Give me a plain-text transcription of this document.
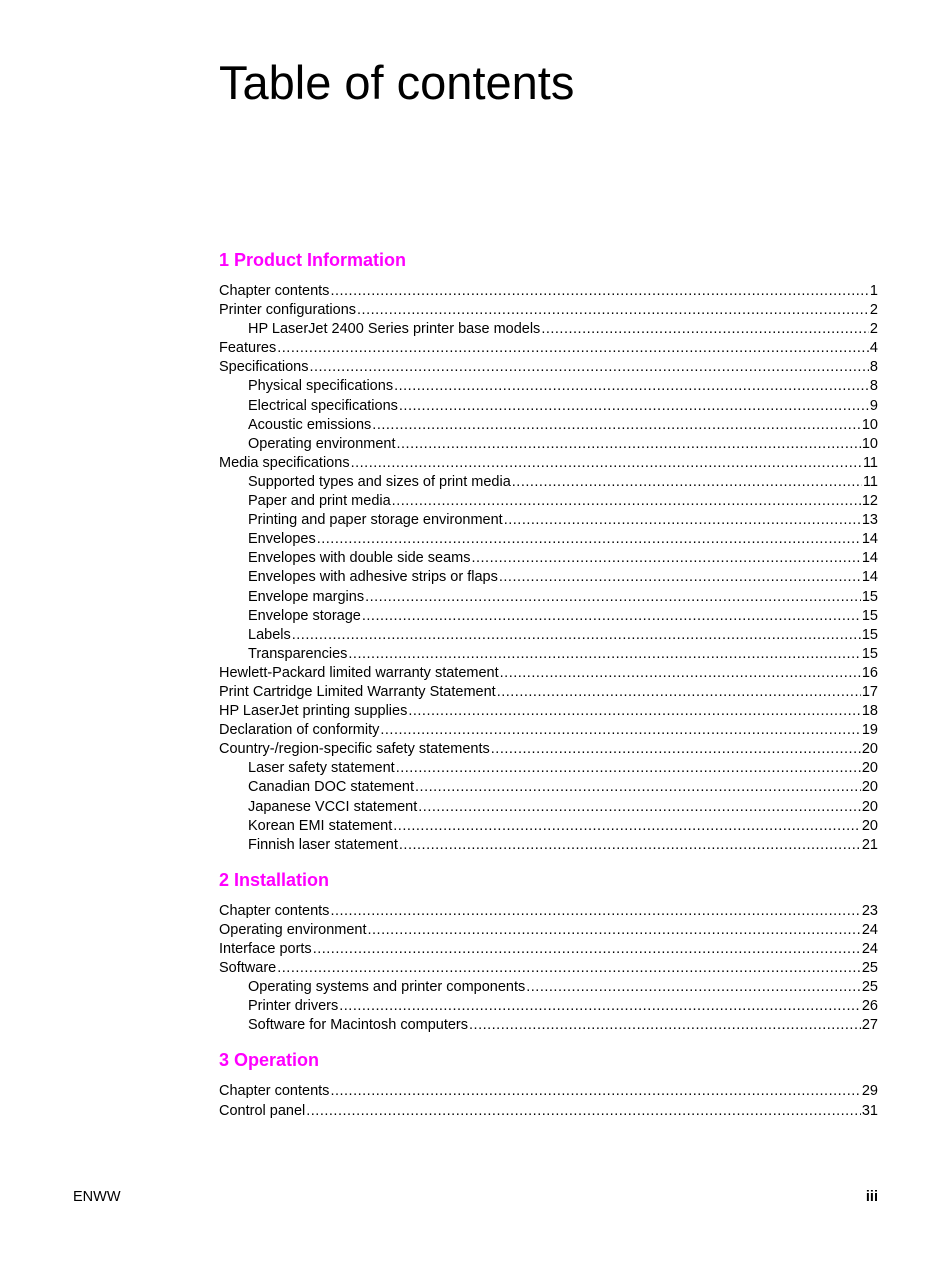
Table of contents
1 Product Information
Chapter contents .....	1
Printer configurations .....	2
HP LaserJet 2400 Series printer base models .....	2
Features .....	4
Specifications .....	8
Physical specifications .....	8
Electrical specifications .....	9
Acoustic emissions .....	10
Operating environment .....	10
Media specifications .....	11
Supported types and sizes of print media .....	11
Paper and print media .....	12
Printing and paper storage environment .....	13
Envelopes .....	14
Envelopes with double side seams .....	14
Envelopes with adhesive strips or flaps .....	14
Envelope margins .....	15
Envelope storage .....	15
Labels .....	15
Transparencies .....	15
Hewlett-Packard limited warranty statement .....	16
Print Cartridge Limited Warranty Statement .....	17
HP LaserJet printing supplies .....	18
Declaration of conformity .....	19
Country-/region-specific safety statements .....	20
Laser safety statement .....	20
Canadian DOC statement .....	20
Japanese VCCI statement .....	20
Korean EMI statement .....	20
Finnish laser statement .....	21
2 Installation
Chapter contents .....	23
Operating environment .....	24
Interface ports .....	24
Software .....	25
Operating systems and printer components .....	25
Printer drivers .....	26
Software for Macintosh computers .....	27
3 Operation
Chapter contents .....	29
Control panel .....	31
ENWW	iii
